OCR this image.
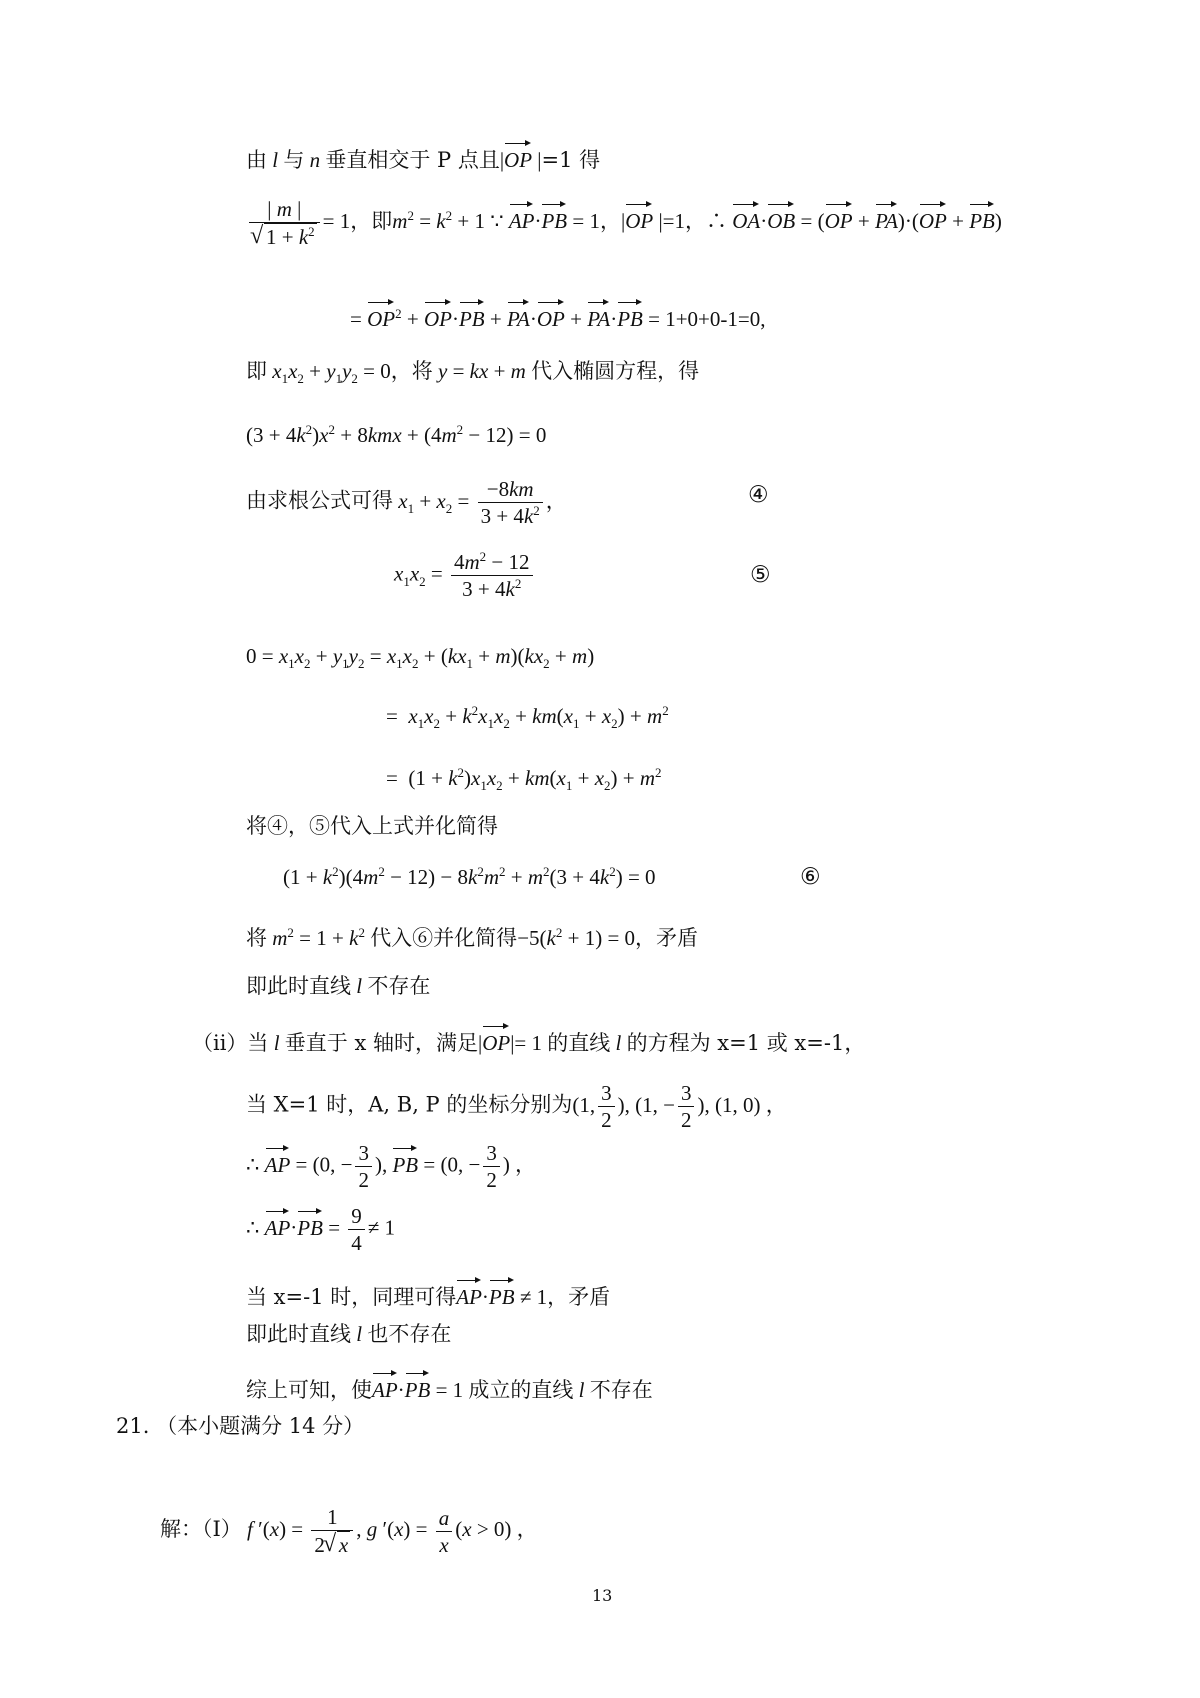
由 l 与 n 垂直相交于 P 点且|OP |=1 得
| m |
√ $1 + k^2 = 1$，即$m^2 = k^2 + 1$ ∵ AP·PB = 1，|OP |=1，∴ OA·OB = (OP + PA)·(OP + PB)
= $OP^2 + OP\cdot PB + PA\cdot OP + PA\cdot PB = 1+0+0-1=0$,
即 $x_1x_2 + y_1y_2 = 0$，将 y = kx + m 代入椭圆方程，得
$(3 + 4k^2)x^2 + 8kmx + (4m^2 - 12) = 0$
由求根公式可得 $x_1 + x_2 = \frac{-8km}{3 + 4k^2}$ ，	④
$x_1x_2 = \frac{4m^2 - 12}{3 + 4k^2}$	⑤
$0 = x_1x_2 + y_1y_2 = x_1x_2 + (kx_1 + m)(kx_2 + m)$
=  $x_1x_2 + k^2x_1x_2 + km(x_1 + x_2) + m^2$
=  $(1 + k^2)x_1x_2 + km(x_1 + x_2) + m^2$
将④，⑤代入上式并化简得
$(1 + k^2)(4m^2 - 12) - 8k^2m^2 + m^2(3 + 4k^2) = 0$	⑥
将 $m^2 = 1 + k^2$ 代入⑥并化简得$-5(k^2 + 1) = 0$，矛盾
即此时直线 l 不存在
（ⅱ）当 l 垂直于 x 轴时，满足|OP|= 1 的直线 l 的方程为 x=1 或 x=-1，
当 X=1 时，A, B, P 的坐标分别为(1, $\frac{3}{2}$ ), (1, − $\frac{3}{2}$ ), (1, 0) ，
∴ AP = (0, − $\frac{3}{2}$ ), PB = (0, − $\frac{3}{2}$ ) ，
∴ $AP\cdot PB = \frac{9}{4} \ne 1$
当 x=-1 时，同理可得AP·PB ≠ 1，矛盾
即此时直线 l 也不存在
综上可知，使AP·PB = 1 成立的直线 l 不存在
21. （本小题满分 14 分）
解：（Ⅰ） f $'(x) = \frac{1}{2√ x}$ , g $'(x) = \frac{a}{x} (x > 0)$ ，
13
